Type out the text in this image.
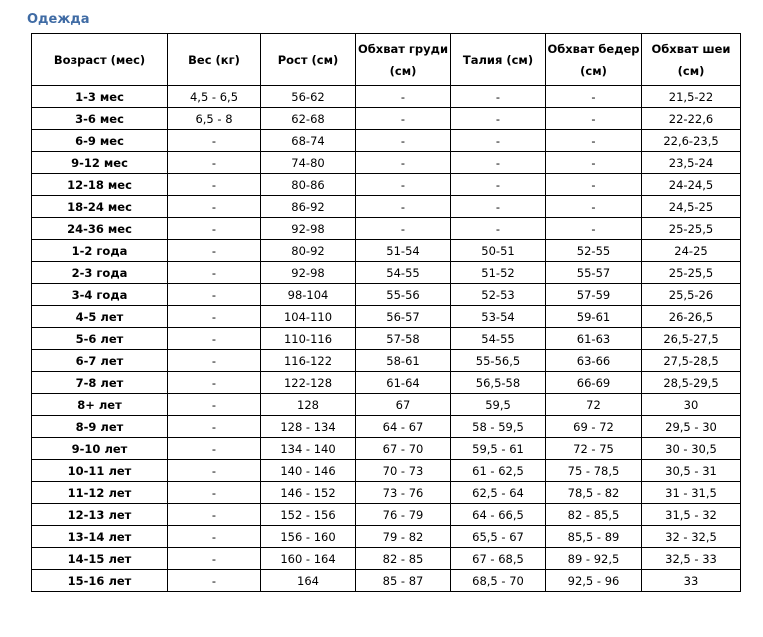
Одежда
Возраст (мес)	Вес (кг)	Рост (см)	Обхват груди (см)	Талия (см)	Обхват бедер (см)	Обхват шеи (см)
1-3 мес	4,5 - 6,5	56-62	-	-	-	21,5-22
3-6 мес	6,5 - 8	62-68	-	-	-	22-22,6
6-9 мес	-	68-74	-	-	-	22,6-23,5
9-12 мес	-	74-80	-	-	-	23,5-24
12-18 мес	-	80-86	-	-	-	24-24,5
18-24 мес	-	86-92	-	-	-	24,5-25
24-36 мес	-	92-98	-	-	-	25-25,5
1-2 года	-	80-92	51-54	50-51	52-55	24-25
2-3 года	-	92-98	54-55	51-52	55-57	25-25,5
3-4 года	-	98-104	55-56	52-53	57-59	25,5-26
4-5 лет	-	104-110	56-57	53-54	59-61	26-26,5
5-6 лет	-	110-116	57-58	54-55	61-63	26,5-27,5
6-7 лет	-	116-122	58-61	55-56,5	63-66	27,5-28,5
7-8 лет	-	122-128	61-64	56,5-58	66-69	28,5-29,5
8+ лет	-	128	67	59,5	72	30
8-9 лет	-	128 - 134	64 - 67	58 - 59,5	69 - 72	29,5 - 30
9-10 лет	-	134 - 140	67 - 70	59,5 - 61	72 - 75	30 - 30,5
10-11 лет	-	140 - 146	70 - 73	61 - 62,5	75 - 78,5	30,5 - 31
11-12 лет	-	146 - 152	73 - 76	62,5 - 64	78,5 - 82	31 - 31,5
12-13 лет	-	152 - 156	76 - 79	64 - 66,5	82 - 85,5	31,5 - 32
13-14 лет	-	156 - 160	79 - 82	65,5 - 67	85,5 - 89	32 - 32,5
14-15 лет	-	160 - 164	82 - 85	67 - 68,5	89 - 92,5	32,5 - 33
15-16 лет	-	164	85 - 87	68,5 - 70	92,5 - 96	33
